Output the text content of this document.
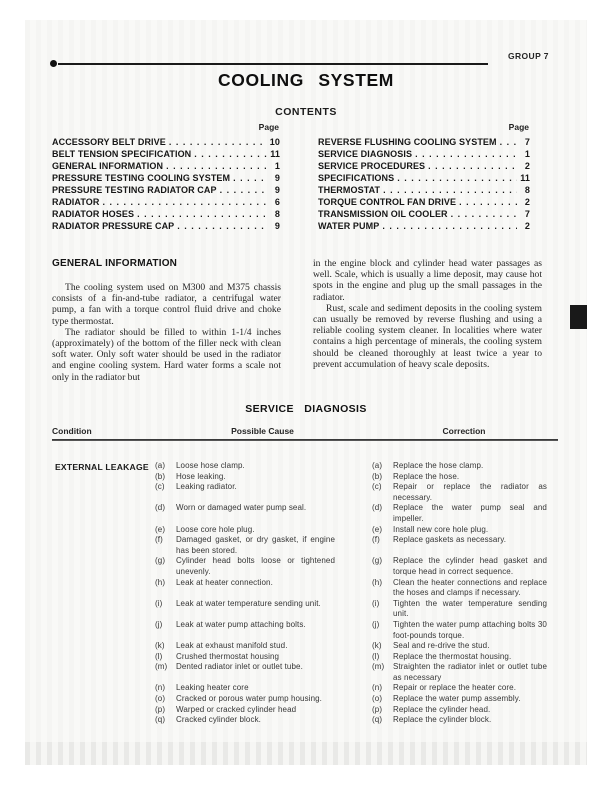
GROUP 7
COOLING SYSTEM
CONTENTS
Page
ACCESSORY BELT DRIVE . . .	10
BELT TENSION SPECIFICATION . . .	11
GENERAL INFORMATION . . .	1
PRESSURE TESTING COOLING SYSTEM . . .	9
PRESSURE TESTING RADIATOR CAP . . .	9
RADIATOR . . .	6
RADIATOR HOSES . . .	8
RADIATOR PRESSURE CAP . . .	9
Page
REVERSE FLUSHING COOLING SYSTEM . . .	7
SERVICE DIAGNOSIS . . .	1
SERVICE PROCEDURES . . .	2
SPECIFICATIONS . . .	11
THERMOSTAT . . .	8
TORQUE CONTROL FAN DRIVE . . .	2
TRANSMISSION OIL COOLER . . .	7
WATER PUMP . . .	2
GENERAL INFORMATION

The cooling system used on M300 and M375 chassis consists of a fin-and-tube radiator, a centrifugal water pump, a fan with a torque control fluid drive and choke type thermostat.

The radiator should be filled to within 1-1/4 inches (approximately) of the bottom of the filler neck with clean soft water. Only soft water should be used in the radiator and engine cooling system. Hard water forms a scale not only in the radiator but

in the engine block and cylinder head water passages as well. Scale, which is usually a lime deposit, may cause hot spots in the engine and plug up the small passages in the radiator.

Rust, scale and sediment deposits in the cooling system can usually be removed by reverse flushing and using a reliable cooling system cleaner. In localities where water contains a high percentage of minerals, the cooling system should be cleaned thoroughly at least twice a year to prevent accumulation of heavy scale deposits.

SERVICE DIAGNOSIS
Condition	Possible Cause	Correction
EXTERNAL LEAKAGE (a) Loose hose clamp.	(a) Replace the hose clamp.
(b) Hose leaking.	(b) Replace the hose.
(c) Leaking radiator.	(c) Repair or replace the radiator as necessary.
(d) Worn or damaged water pump seal.	(d) Replace the water pump seal and impeller.
(e) Loose core hole plug.	(e) Install new core hole plug.
(f) Damaged gasket, or dry gasket, if engine has been stored.
(f) Replace gaskets as necessary.
(g) Cylinder head bolts loose or tightened unevenly.
(g) Replace the cylinder head gasket and torque head in correct sequence.
(h) Leak at heater connection.	(h) Clean the heater connections and replace the hoses and clamps if necessary.
(i) Leak at water temperature sending unit.	(i) Tighten the water temperature sending unit.
(j) Leak at water pump attaching bolts.	(j) Tighten the water pump attaching bolts 30 foot-pounds torque.
(k) Leak at exhaust manifold stud.	(k) Seal and re-drive the stud.
(l) Crushed thermostat housing	(l) Replace the thermostat housing.
(m) Dented radiator inlet or outlet tube.	(m) Straighten the radiator inlet or outlet tube as necessary
(n) Leaking heater core	(n) Repair or replace the heater core.
(o) Cracked or porous water pump housing.	(o) Replace the water pump assembly.
(p) Warped or cracked cylinder head	(p) Replace the cylinder head.
(q) Cracked cylinder block.	(q) Replace the cylinder block.
